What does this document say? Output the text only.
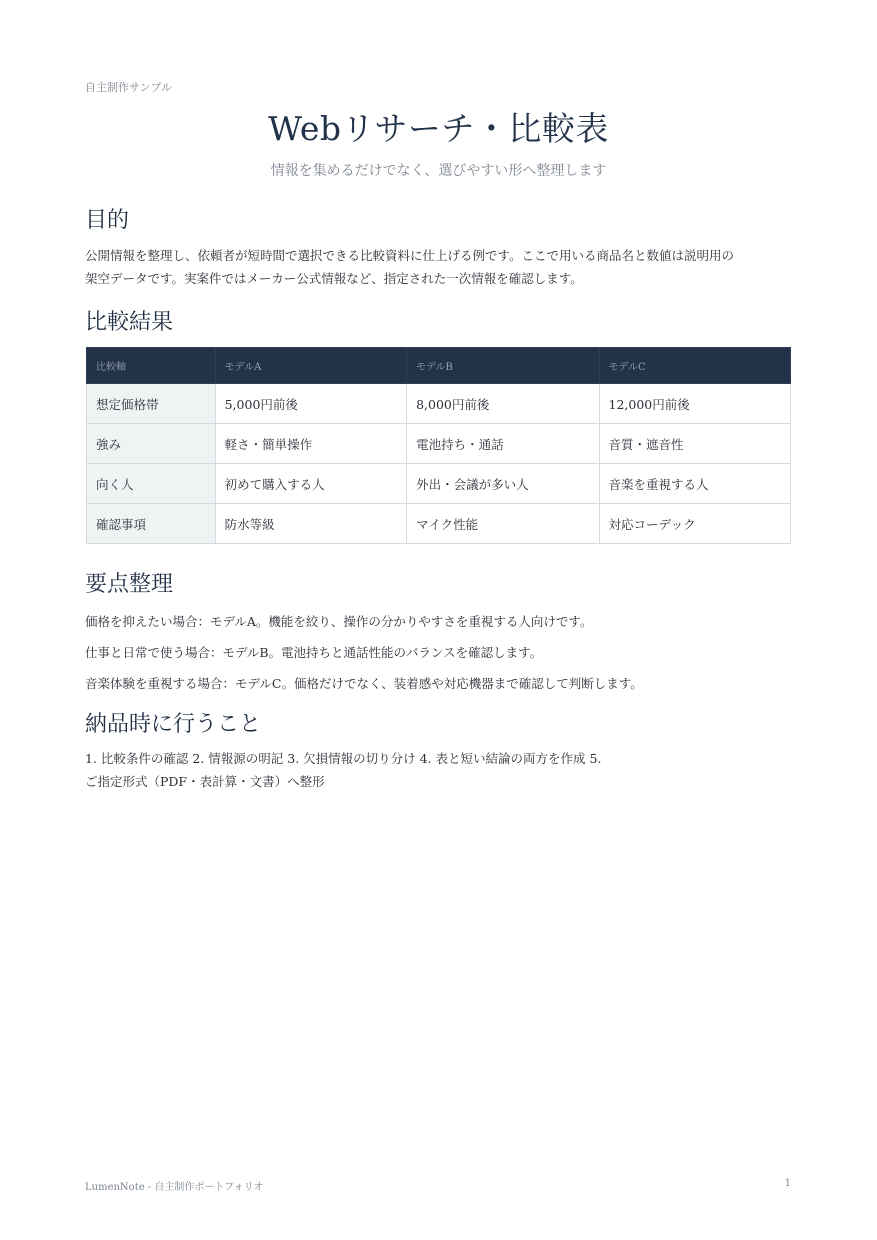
自主制作サンプル
Webリサーチ・比較表
情報を集めるだけでなく、選びやすい形へ整理します
目的
公開情報を整理し、依頼者が短時間で選択できる比較資料に仕上げる例です。ここで用いる商品名と数値は説明用の
架空データです。実案件ではメーカー公式情報など、指定された一次情報を確認します。
比較結果
比較軸	モデルA	モデルB	モデルC
想定価格帯	5,000円前後	8,000円前後	12,000円前後
強み	軽さ・簡単操作	電池持ち・通話	音質・遮音性
向く人	初めて購入する人	外出・会議が多い人	音楽を重視する人
確認事項	防水等級	マイク性能	対応コーデック
要点整理
価格を抑えたい場合：モデルA。機能を絞り、操作の分かりやすさを重視する人向けです。
仕事と日常で使う場合：モデルB。電池持ちと通話性能のバランスを確認します。
音楽体験を重視する場合：モデルC。価格だけでなく、装着感や対応機器まで確認して判断します。
納品時に行うこと
1. 比較条件の確認 2. 情報源の明記 3. 欠損情報の切り分け 4. 表と短い結論の両方を作成 5.
ご指定形式（PDF・表計算・文書）へ整形
LumenNote - 自主制作ポートフォリオ	1
